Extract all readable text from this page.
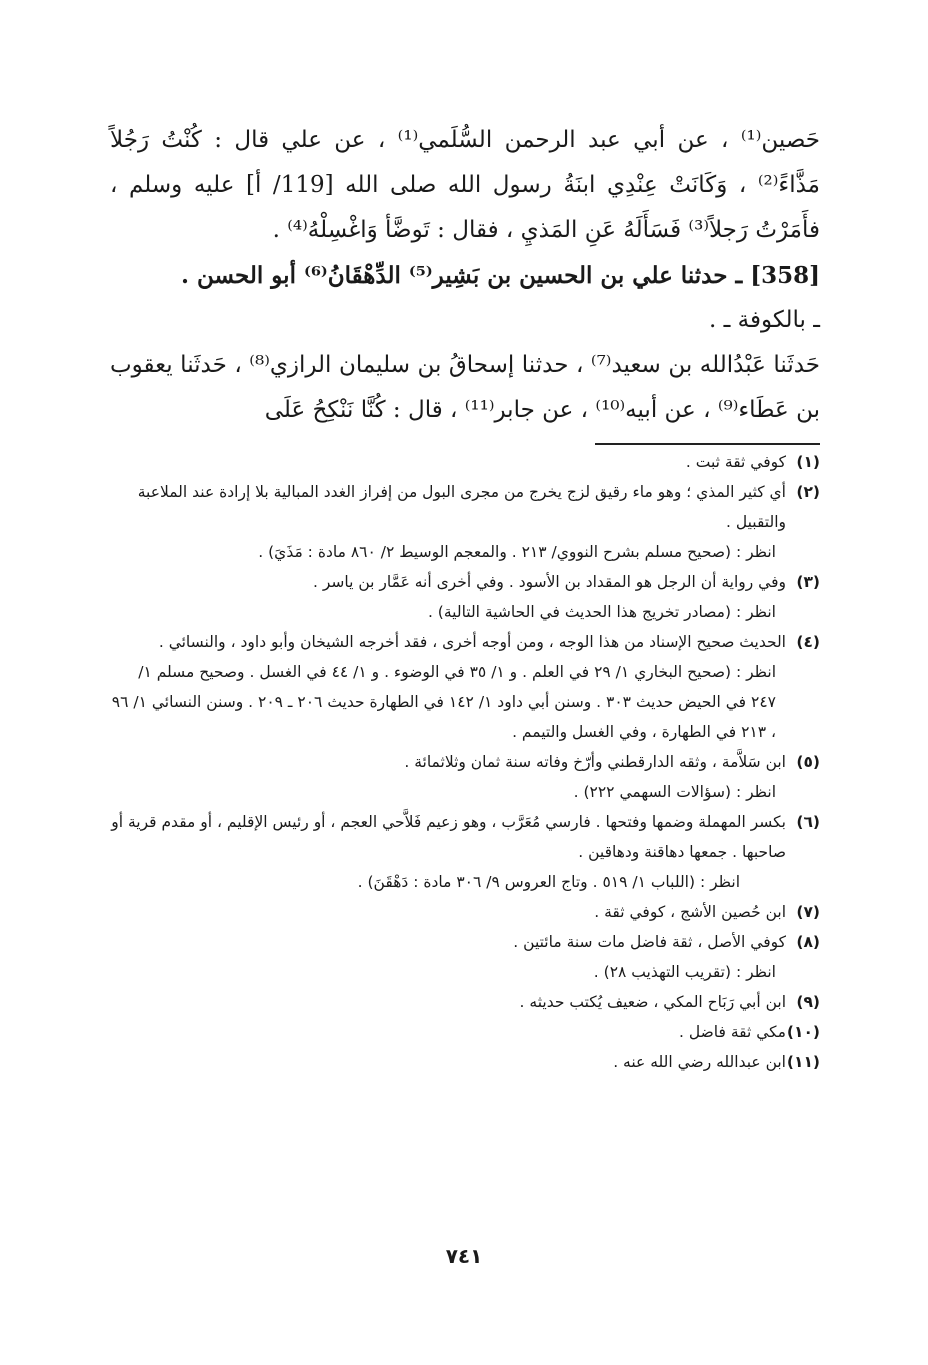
حَصين⁽¹⁾ ، عن أبي عبد الرحمن السُّلَمي⁽¹⁾ ، عن علي قال : كُنْتُ رَجُلاً مَذَّاءً⁽²⁾ ، وَكَانَتْ عِنْدِي ابنَةُ رسول الله صلى الله [119/ أ] عليه وسلم ، فأَمَرْتُ رَجلاً⁽³⁾ فَسَأَلَهُ عَنِ المَذيِ ، فقال : تَوضَّأ وَاغْسِلْهُ⁽⁴⁾ .

[358] ـ حدثنا علي بن الحسين بن بَشِير⁽⁵⁾ الدِّهْقَانُ⁽⁶⁾ أبو الحسن .

ـ بالكوفة ـ .

حَدثَنا عَبْدُالله بن سعيد⁽⁷⁾ ، حدثنا إسحاقُ بن سليمان الرازي⁽⁸⁾ ، حَدثَنا يعقوب بن عَطَاء⁽⁹⁾ ، عن أبيه⁽¹⁰⁾ ، عن جابر⁽¹¹⁾ ، قال : كُنَّا نَنْكِحُ عَلَى

(١)
كوفي ثقة ثبت .
(٢)
أي كثير المذي ؛ وهو ماء رقيق لزج يخرج من مجرى البول من إفراز الغدد المبالية بلا إرادة عند الملاعبة والتقبيل .
انظر : (صحيح مسلم بشرح النووي/ ٢١٣ . والمعجم الوسيط ٢/ ٨٦٠ مادة : مَذَيَ) .
(٣)
وفي رواية أن الرجل هو المقداد بن الأسود . وفي أخرى أنه عَمَّار بن ياسر .
انظر : (مصادر تخريج هذا الحديث في الحاشية التالية) .
(٤)
الحديث صحيح الإسناد من هذا الوجه ، ومن أوجه أخرى ، فقد أخرجه الشيخان وأبو داود ، والنسائي .
انظر : (صحيح البخاري ١/ ٢٩ في العلم . و ١/ ٣٥ في الوضوء . و ١/ ٤٤ في الغسل . وصحيح مسلم ١/ ٢٤٧ في الحيض حديث ٣٠٣ . وسنن أبي داود ١/ ١٤٢ في الطهارة حديث ٢٠٦ ـ ٢٠٩ . وسنن النسائي ١/ ٩٦ ، ٢١٣ في الطهارة ، وفي الغسل والتيمم .
(٥)
ابن سَلاَّمة ، وثقه الدارقطني وأرّخ وفاته سنة ثمان وثلاثمائة .
انظر : (سؤالات السهمي ٢٢٢) .
(٦)
بكسر المهملة وضمها وفتحها . فارسي مُعَرَّب ، وهو زعيم فَلاَّحي العجم ، أو رئيس الإقليم ، أو مقدم قرية أو صاحبها . جمعها دهاقنة ودهاقين .
انظر : (اللباب ١/ ٥١٩ . وتاج العروس ٩/ ٣٠٦ مادة : دَهْقَنَ) .
(٧)
ابن حُصين الأشج ، كوفي ثقة .
(٨)
كوفي الأصل ، ثقة فاضل مات سنة مائتين .
انظر : (تقريب التهذيب ٢٨) .
(٩)
ابن أبي رَبَاح المكي ، ضعيف يُكتب حديثه .
(١٠)
مكي ثقة فاضل .
(١١)
ابن عبدالله رضي الله عنه .
٧٤١
